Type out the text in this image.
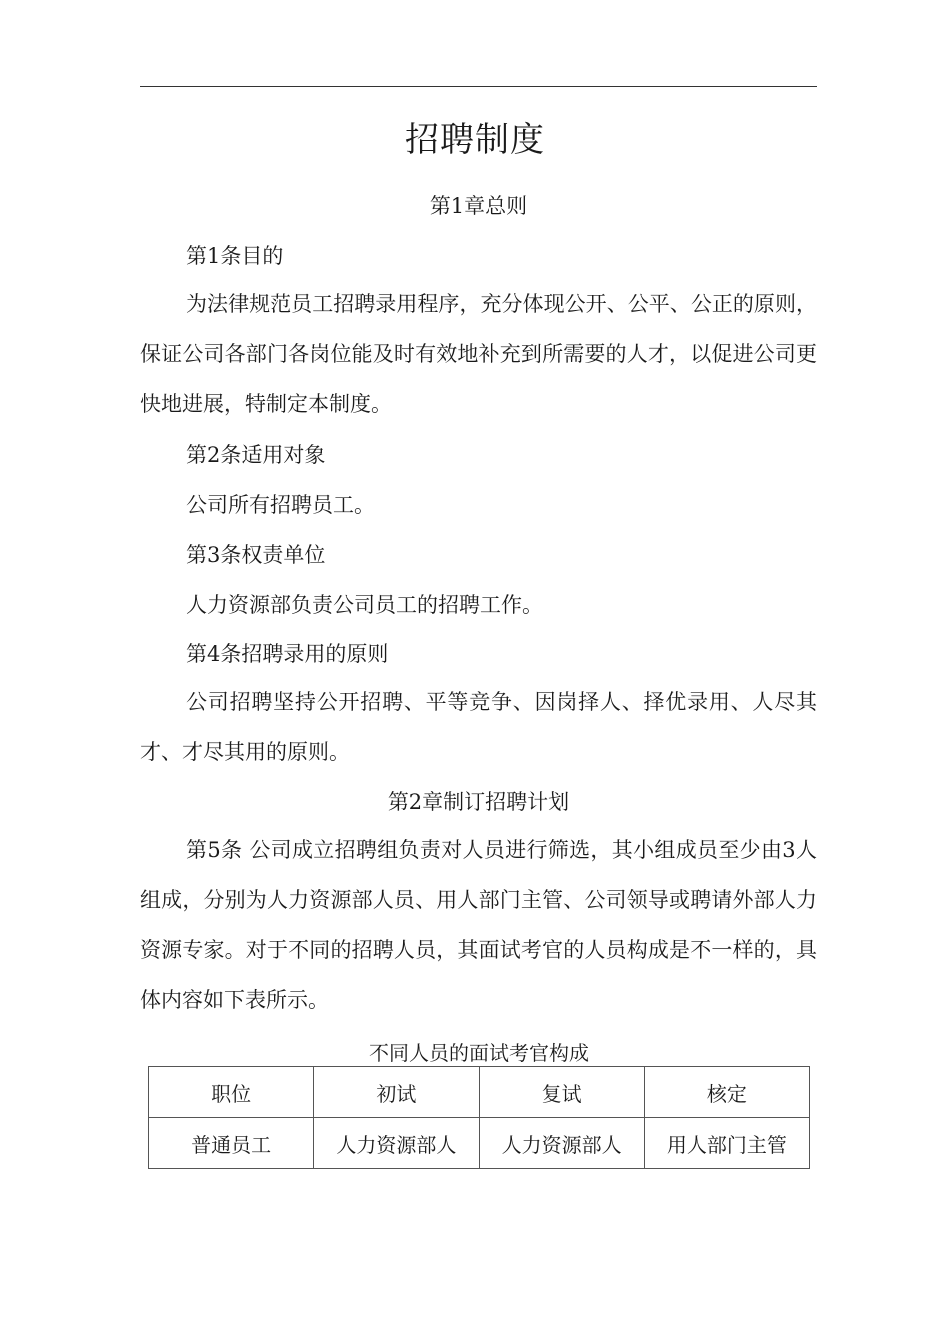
招聘制度
第1章总则
第1条目的
为法律规范员工招聘录用程序，充分体现公开、公平、公正的原则，保证公司各部门各岗位能及时有效地补充到所需要的人才，以促进公司更快地进展，特制定本制度。
第2条适用对象
公司所有招聘员工。
第3条权责单位
人力资源部负责公司员工的招聘工作。
第4条招聘录用的原则
公司招聘坚持公开招聘、平等竞争、因岗择人、择优录用、人尽其才、才尽其用的原则。
第2章制订招聘计划
第5条 公司成立招聘组负责对人员进行筛选，其小组成员至少由3人组成，分别为人力资源部人员、用人部门主管、公司领导或聘请外部人力资源专家。对于不同的招聘人员，其面试考官的人员构成是不一样的，具体内容如下表所示。
不同人员的面试考官构成
职位	初试	复试	核定
普通员工	人力资源部人	人力资源部人	用人部门主管
